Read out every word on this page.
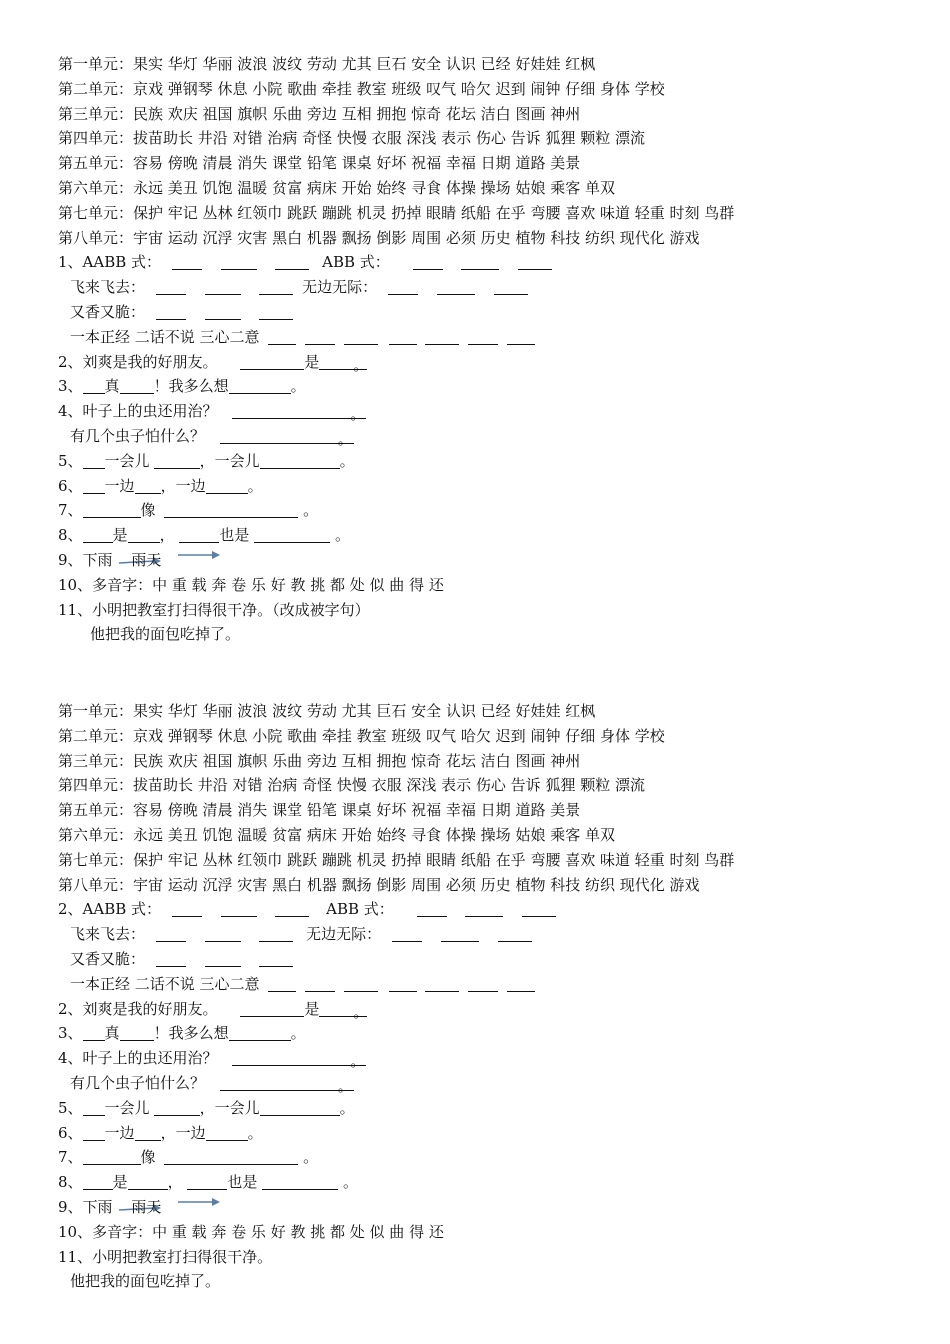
第一单元：果实 华灯 华丽 波浪 波纹 劳动 尤其 巨石 安全 认识 已经 好娃娃 红枫
第二单元：京戏 弹钢琴 休息 小院 歌曲 牵挂 教室 班级 叹气 哈欠 迟到 闹钟 仔细 身体 学校
第三单元：民族 欢庆 祖国 旗帜 乐曲 旁边 互相 拥抱 惊奇 花坛 洁白 图画 神州
第四单元：拔苗助长 井沿 对错 治病 奇怪 快慢 衣服 深浅 表示 伤心 告诉 狐狸 颗粒 漂流
第五单元：容易 傍晚 清晨 消失 课堂 铅笔 课桌 好坏 祝福 幸福 日期 道路 美景
第六单元：永远 美丑 饥饱 温暖 贫富 病床 开始 始终 寻食 体操 操场 姑娘 乘客 单双
第七单元：保护 牢记 丛林 红领巾 跳跃 蹦跳 机灵 扔掉 眼睛 纸船 在乎 弯腰 喜欢 味道 轻重 时刻 鸟群
第八单元：宇宙 运动 沉浮 灾害 黑白 机器 飘扬 倒影 周围 必须 历史 植物 科技 纺织 现代化 游戏
1、AABB 式：	ABB 式：
飞来飞去：	无边无际：
又香又脆：
一本正经 二话不说 三心二意
2、刘爽是我的好朋友。	是 。
3、 真 ！我多么想	。
4、叶子上的虫还用治？	。
有几个虫子怕什么？	。
5、 一会儿	，一会儿	。
6、 一边 ，一边	。
7、	像	。
8、 是 ，	也是	。
9、下雨 雨天
10、多音字：中 重 载 奔 卷 乐 好 教 挑 都 处 似 曲 得 还
11、小明把教室打扫得很干净。（改成被字句）
他把我的面包吃掉了。
第一单元：果实 华灯 华丽 波浪 波纹 劳动 尤其 巨石 安全 认识 已经 好娃娃 红枫
第二单元：京戏 弹钢琴 休息 小院 歌曲 牵挂 教室 班级 叹气 哈欠 迟到 闹钟 仔细 身体 学校
第三单元：民族 欢庆 祖国 旗帜 乐曲 旁边 互相 拥抱 惊奇 花坛 洁白 图画 神州
第四单元：拔苗助长 井沿 对错 治病 奇怪 快慢 衣服 深浅 表示 伤心 告诉 狐狸 颗粒 漂流
第五单元：容易 傍晚 清晨 消失 课堂 铅笔 课桌 好坏 祝福 幸福 日期 道路 美景
第六单元：永远 美丑 饥饱 温暖 贫富 病床 开始 始终 寻食 体操 操场 姑娘 乘客 单双
第七单元：保护 牢记 丛林 红领巾 跳跃 蹦跳 机灵 扔掉 眼睛 纸船 在乎 弯腰 喜欢 味道 轻重 时刻 鸟群
第八单元：宇宙 运动 沉浮 灾害 黑白 机器 飘扬 倒影 周围 必须 历史 植物 科技 纺织 现代化 游戏
2、AABB 式：	ABB 式：
飞来飞去：	无边无际：
又香又脆：
一本正经 二话不说 三心二意
2、刘爽是我的好朋友。	是 。
3、 真 ！我多么想	。
4、叶子上的虫还用治？	。
有几个虫子怕什么？	。
5、 一会儿	，一会儿	。
6、 一边 ，一边	。
7、	像	。
8、 是	，	也是	。
9、下雨 雨天
10、多音字：中 重 载 奔 卷 乐 好 教 挑 都 处 似 曲 得 还
11、小明把教室打扫得很干净。
他把我的面包吃掉了。
